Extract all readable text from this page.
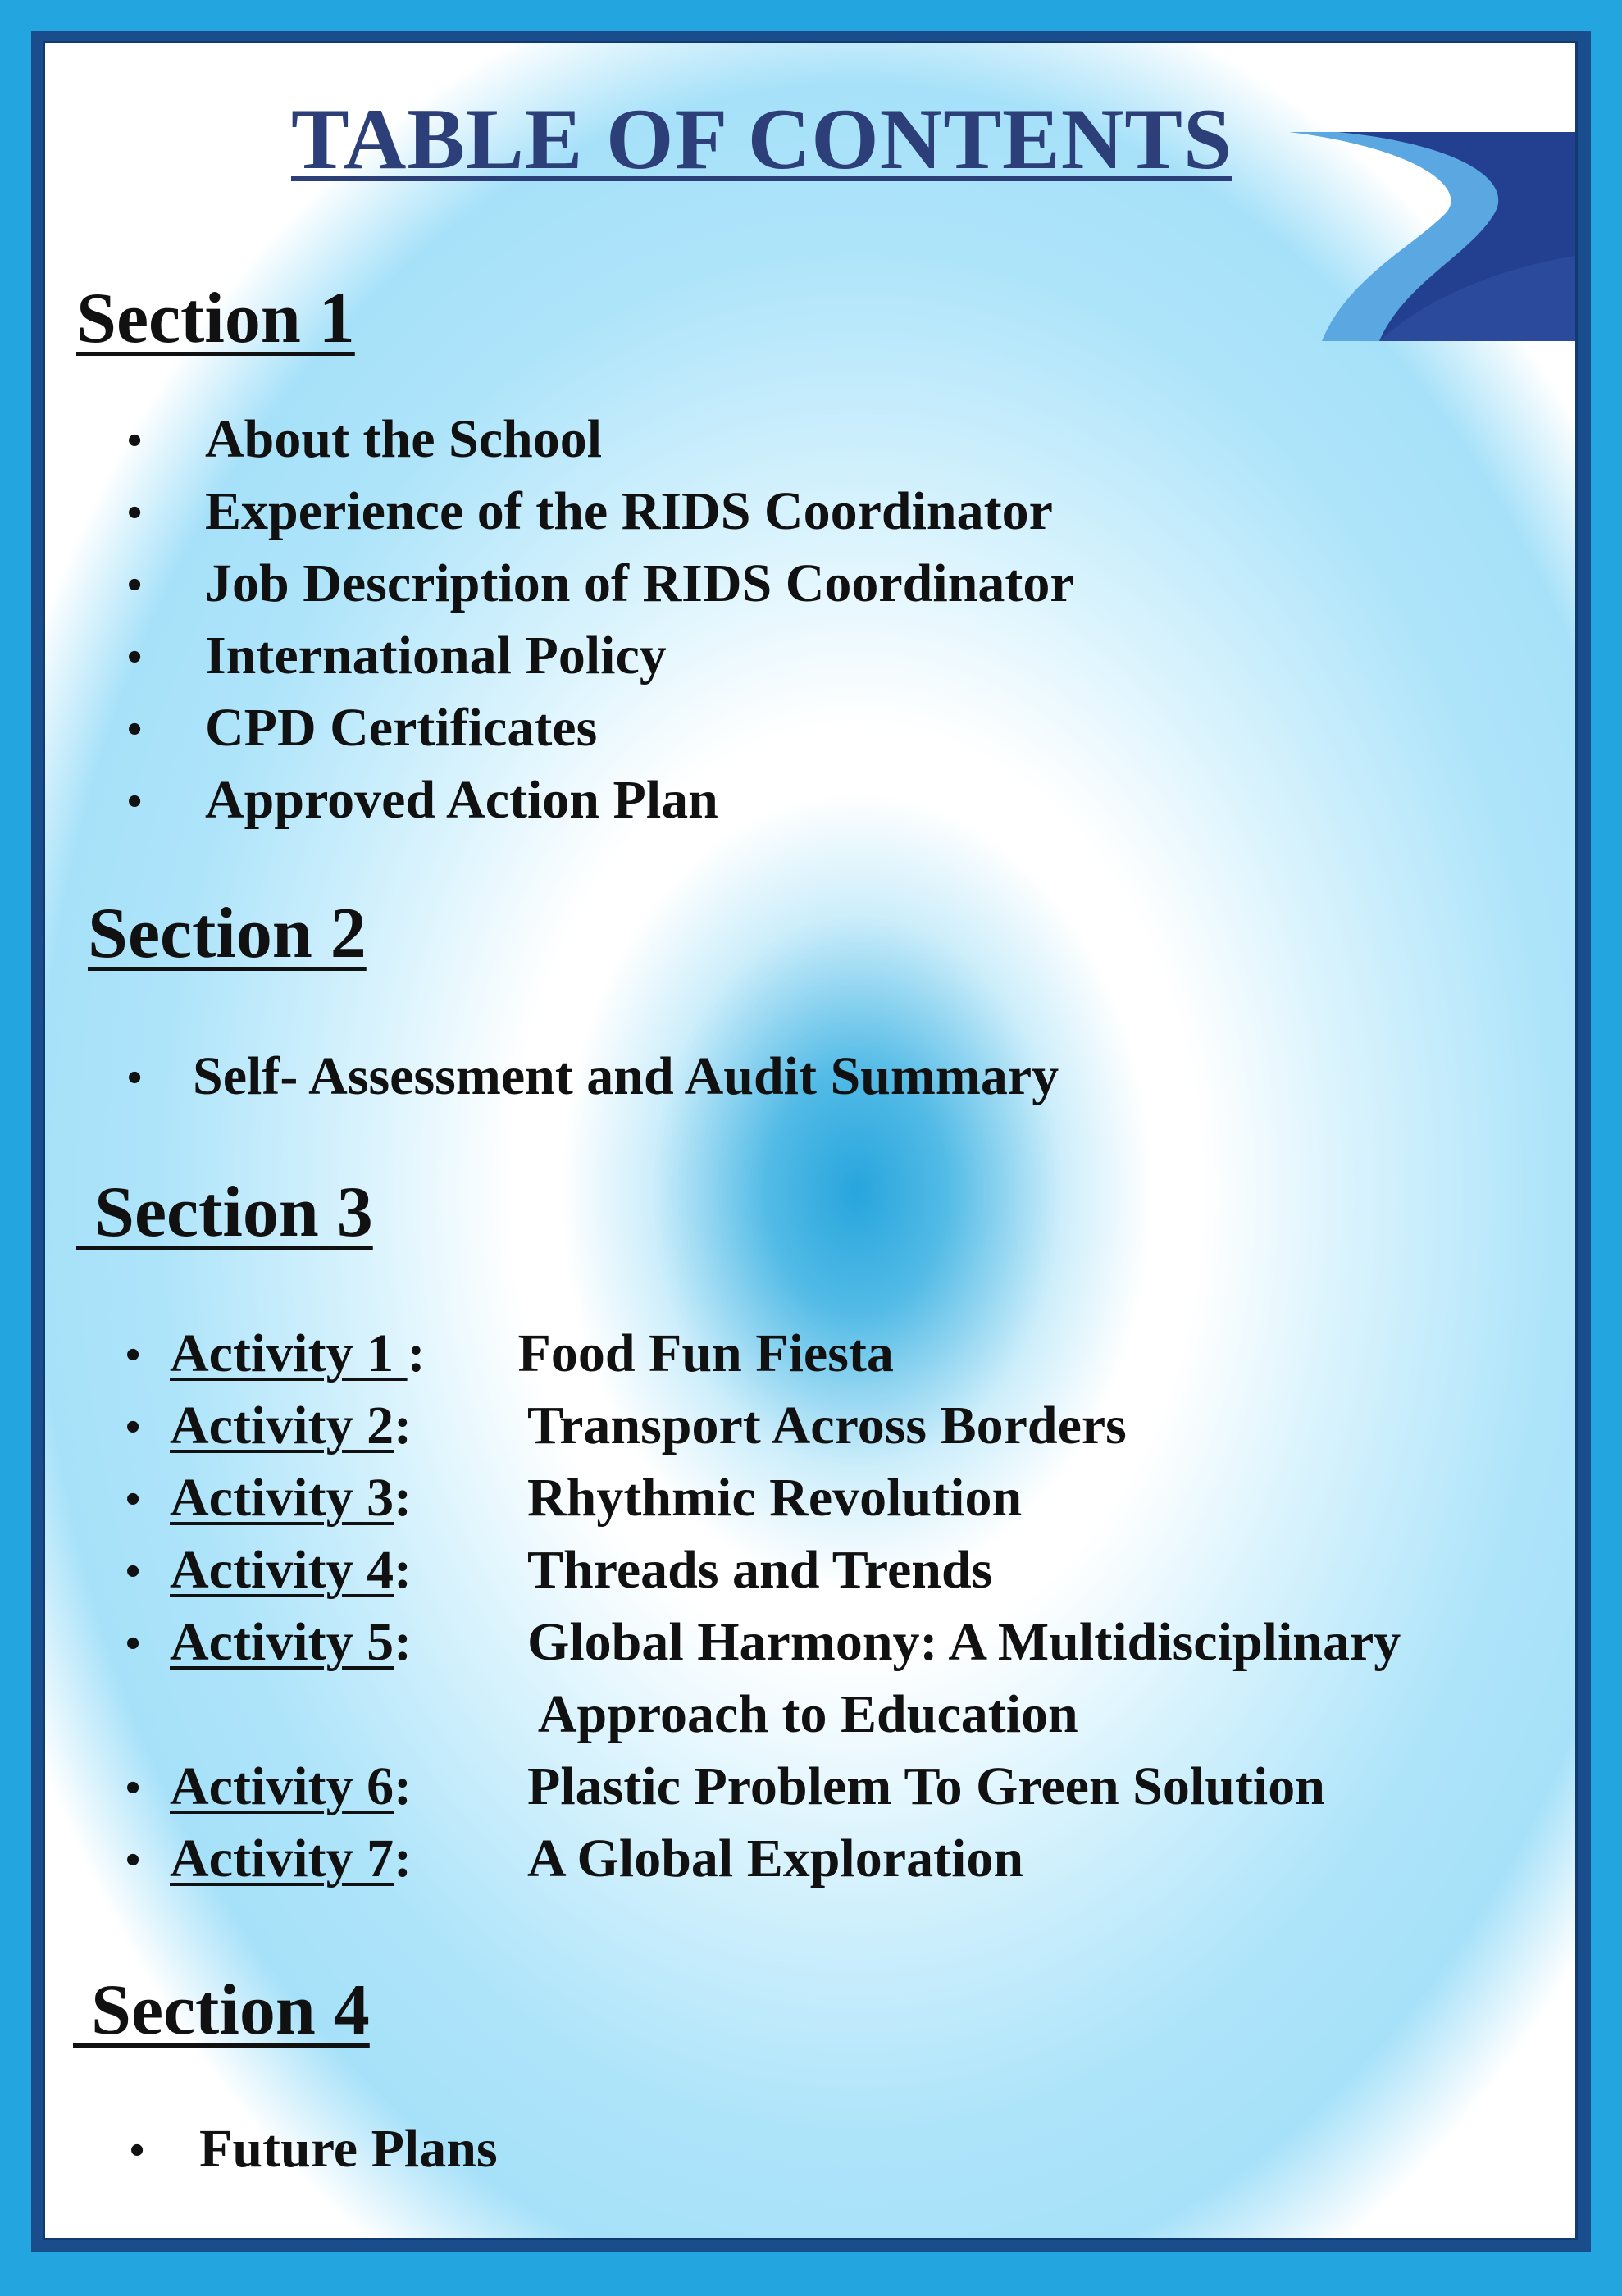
TABLE OF CONTENTS
Section 1
• About the School
• Experience of the RIDS Coordinator
• Job Description of RIDS Coordinator
• International Policy
• CPD Certificates
• Approved Action Plan
Section 2
• Self- Assessment and Audit Summary
Section 3
• Activity 1 : Food Fun Fiesta
• Activity 2: Transport Across Borders
• Activity 3: Rhythmic Revolution
• Activity 4: Threads and Trends
• Activity 5: Global Harmony: A Multidisciplinary
Approach to Education
• Activity 6: Plastic Problem To Green Solution
• Activity 7: A Global Exploration
Section 4
• Future Plans
